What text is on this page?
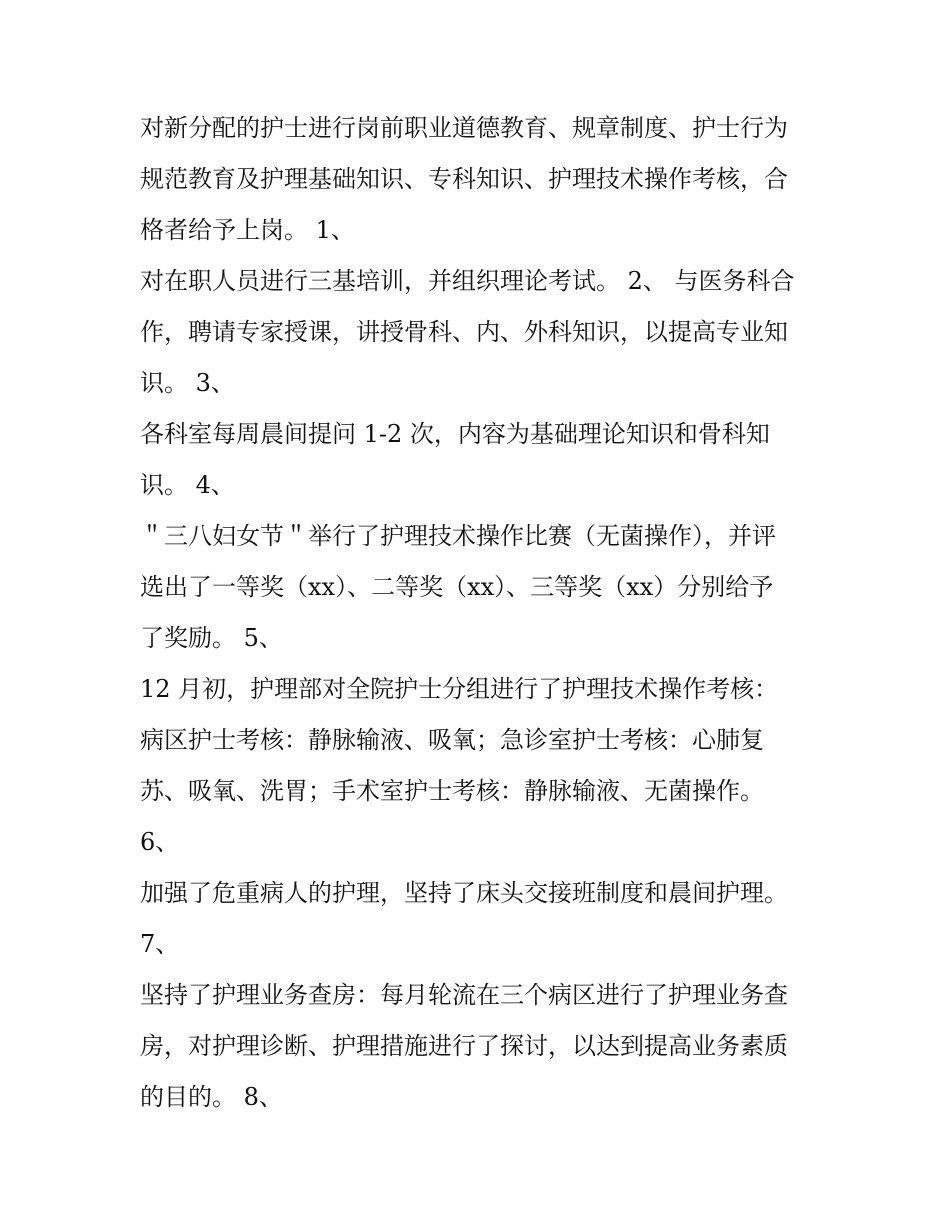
对新分配的护士进行岗前职业道德教育、规章制度、护士行为
规范教育及护理基础知识、专科知识、护理技术操作考核，合
格者给予上岗。 1、
对在职人员进行三基培训，并组织理论考试。 2、 与医务科合
作，聘请专家授课，讲授骨科、内、外科知识，以提高专业知
识。 3、
各科室每周晨间提问 1-2 次，内容为基础理论知识和骨科知
识。 4、
＂三八妇女节＂举行了护理技术操作比赛（无菌操作），并评
选出了一等奖（xx）、二等奖（xx）、三等奖（xx）分别给予
了奖励。 5、
12 月初，护理部对全院护士分组进行了护理技术操作考核：
病区护士考核：静脉输液、吸氧；急诊室护士考核：心肺复
苏、吸氧、洗胃；手术室护士考核：静脉输液、无菌操作。
6、
加强了危重病人的护理，坚持了床头交接班制度和晨间护理。
7、
坚持了护理业务查房：每月轮流在三个病区进行了护理业务查
房，对护理诊断、护理措施进行了探讨，以达到提高业务素质
的目的。 8、
